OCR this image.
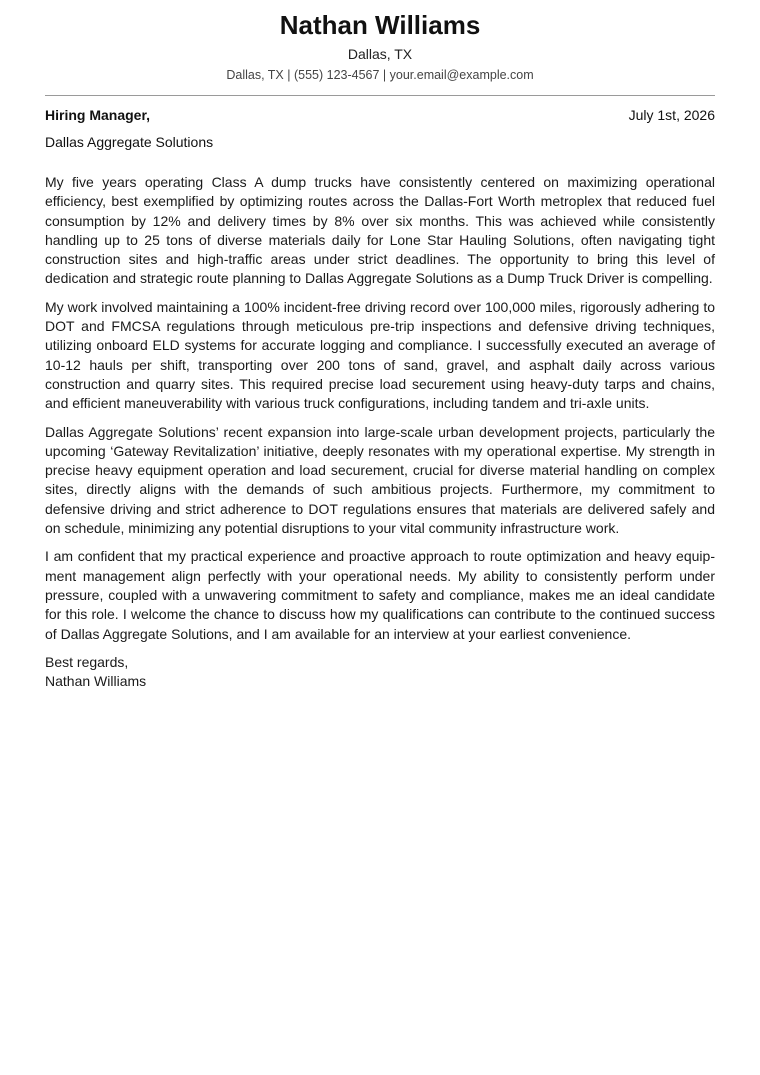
Nathan Williams
Dallas, TX
Dallas, TX | (555) 123-4567 | your.email@example.com
Hiring Manager,	July 1st, 2026
Dallas Aggregate Solutions

My five years operating Class A dump trucks have consistently centered on maximizing operational efficiency, best exemplified by optimizing routes across the Dallas-Fort Worth metroplex that reduced fuel consumption by 12% and delivery times by 8% over six months. This was achieved while consistently handling up to 25 tons of diverse materials daily for Lone Star Hauling Solutions, often navigating tight construction sites and high-traffic areas under strict deadlines. The opportunity to bring this level of dedication and strategic route planning to Dallas Aggregate Solutions as a Dump Truck Driver is compelling.

My work involved maintaining a 100% incident-free driving record over 100,000 miles, rigorously adhering to DOT and FMCSA regulations through meticulous pre-trip inspections and defensive driving techniques, utilizing onboard ELD systems for accurate logging and compliance. I successfully executed an average of 10-12 hauls per shift, transporting over 200 tons of sand, gravel, and asphalt daily across various construction and quarry sites. This required precise load securement using heavy-duty tarps and chains, and efficient maneuverability with various truck configurations, including tandem and tri-axle units.

Dallas Aggregate Solutions’ recent expansion into large-scale urban development projects, particularly the upcoming ‘Gateway Revitalization’ initiative, deeply resonates with my operational expertise. My strength in precise heavy equipment operation and load securement, crucial for diverse material handling on complex sites, directly aligns with the demands of such ambitious projects. Furthermore, my commitment to defensive driving and strict adherence to DOT regulations ensures that materials are delivered safely and on schedule, minimizing any potential disruptions to your vital community infrastructure work.

I am confident that my practical experience and proactive approach to route optimization and heavy equipment management align perfectly with your operational needs. My ability to consistently perform under pressure, coupled with a unwavering commitment to safety and compliance, makes me an ideal candidate for this role. I welcome the chance to discuss how my qualifications can contribute to the continued success of Dallas Aggregate Solutions, and I am available for an interview at your earliest convenience.

Best regards,
Nathan Williams
